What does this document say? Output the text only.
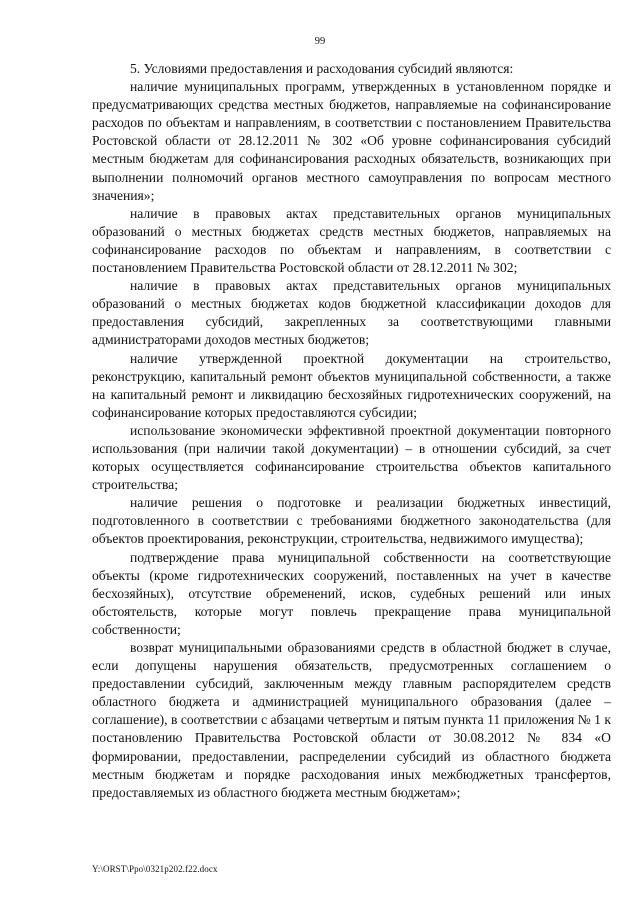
99

5. Условиями предоставления и расходования субсидий являются:

наличие муниципальных программ, утвержденных в установленном порядке и предусматривающих средства местных бюджетов, направляемые на софинансирование расходов по объектам и направлениям, в соответствии с постановлением Правительства Ростовской области от 28.12.2011 № 302 «Об уровне софинансирования субсидий местным бюджетам для софинансирования расходных обязательств, возникающих при выполнении полномочий органов местного самоуправления по вопросам местного значения»;

наличие в правовых актах представительных органов муниципальных образований о местных бюджетах средств местных бюджетов, направляемых на софинансирование расходов по объектам и направлениям, в соответствии с постановлением Правительства Ростовской области от 28.12.2011 № 302;

наличие в правовых актах представительных органов муниципальных образований о местных бюджетах кодов бюджетной классификации доходов для предоставления субсидий, закрепленных за соответствующими главными администраторами доходов местных бюджетов;

наличие утвержденной проектной документации на строительство, реконструкцию, капитальный ремонт объектов муниципальной собственности, а также на капитальный ремонт и ликвидацию бесхозяйных гидротехнических сооружений, на софинансирование которых предоставляются субсидии;

использование экономически эффективной проектной документации повторного использования (при наличии такой документации) – в отношении субсидий, за счет которых осуществляется софинансирование строительства объектов капитального строительства;

наличие решения о подготовке и реализации бюджетных инвестиций, подготовленного в соответствии с требованиями бюджетного законодательства (для объектов проектирования, реконструкции, строительства, недвижимого имущества);

подтверждение права муниципальной собственности на соответствующие объекты (кроме гидротехнических сооружений, поставленных на учет в качестве бесхозяйных), отсутствие обременений, исков, судебных решений или иных обстоятельств, которые могут повлечь прекращение права муниципальной собственности;

возврат муниципальными образованиями средств в областной бюджет в случае, если допущены нарушения обязательств, предусмотренных соглашением о предоставлении субсидий, заключенным между главным распорядителем средств областного бюджета и администрацией муниципального образования (далее – соглашение), в соответствии с абзацами четвертым и пятым пункта 11 приложения № 1 к постановлению Правительства Ростовской области от 30.08.2012 № 834 «О формировании, предоставлении, распределении субсидий из областного бюджета местным бюджетам и порядке расходования иных межбюджетных трансфертов, предоставляемых из областного бюджета местным бюджетам»;

Y:\ORST\Ppo\0321p202.f22.docx
